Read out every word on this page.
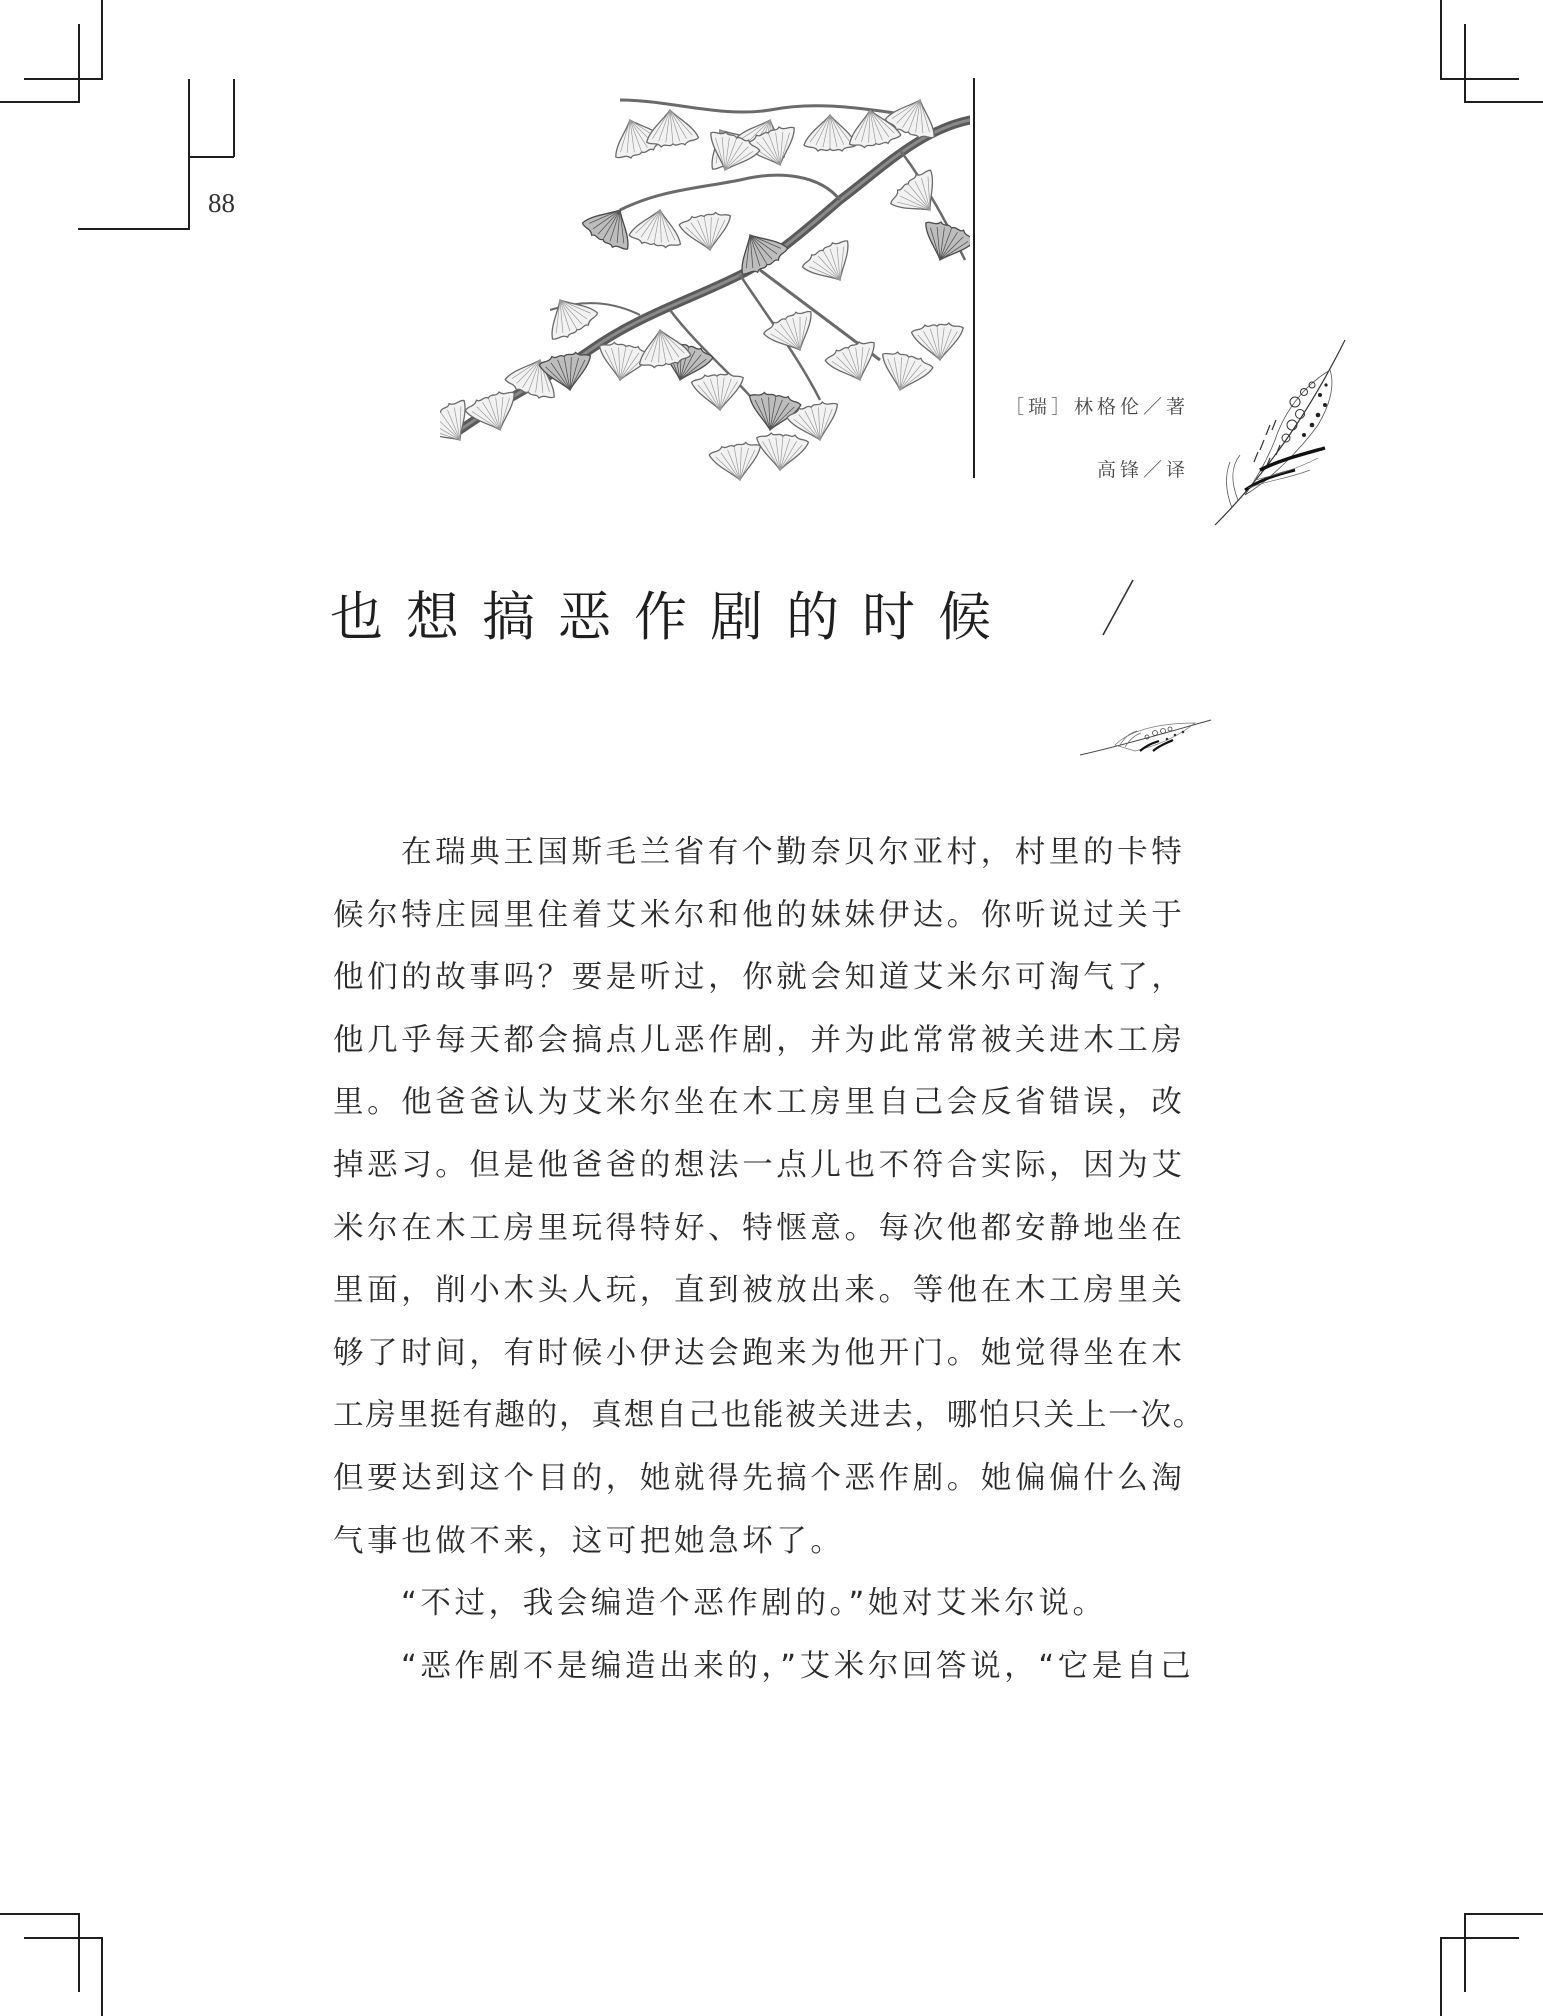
88
［瑞］林格伦／著
高锋／译
也想搞恶作剧的时候
在瑞典王国斯毛兰省有个勤奈贝尔亚村，村里的卡特
候尔特庄园里住着艾米尔和他的妹妹伊达。你听说过关于
他们的故事吗？要是听过，你就会知道艾米尔可淘气了，
他几乎每天都会搞点儿恶作剧，并为此常常被关进木工房
里。他爸爸认为艾米尔坐在木工房里自己会反省错误，改
掉恶习。但是他爸爸的想法一点儿也不符合实际，因为艾
米尔在木工房里玩得特好、特惬意。每次他都安静地坐在
里面，削小木头人玩，直到被放出来。等他在木工房里关
够了时间，有时候小伊达会跑来为他开门。她觉得坐在木
工房里挺有趣的，真想自己也能被关进去，哪怕只关上一次。
但要达到这个目的，她就得先搞个恶作剧。她偏偏什么淘
气事也做不来，这可把她急坏了。
“不过，我会编造个恶作剧的。”她对艾米尔说。
“恶作剧不是编造出来的，”艾米尔回答说，“它是自己
